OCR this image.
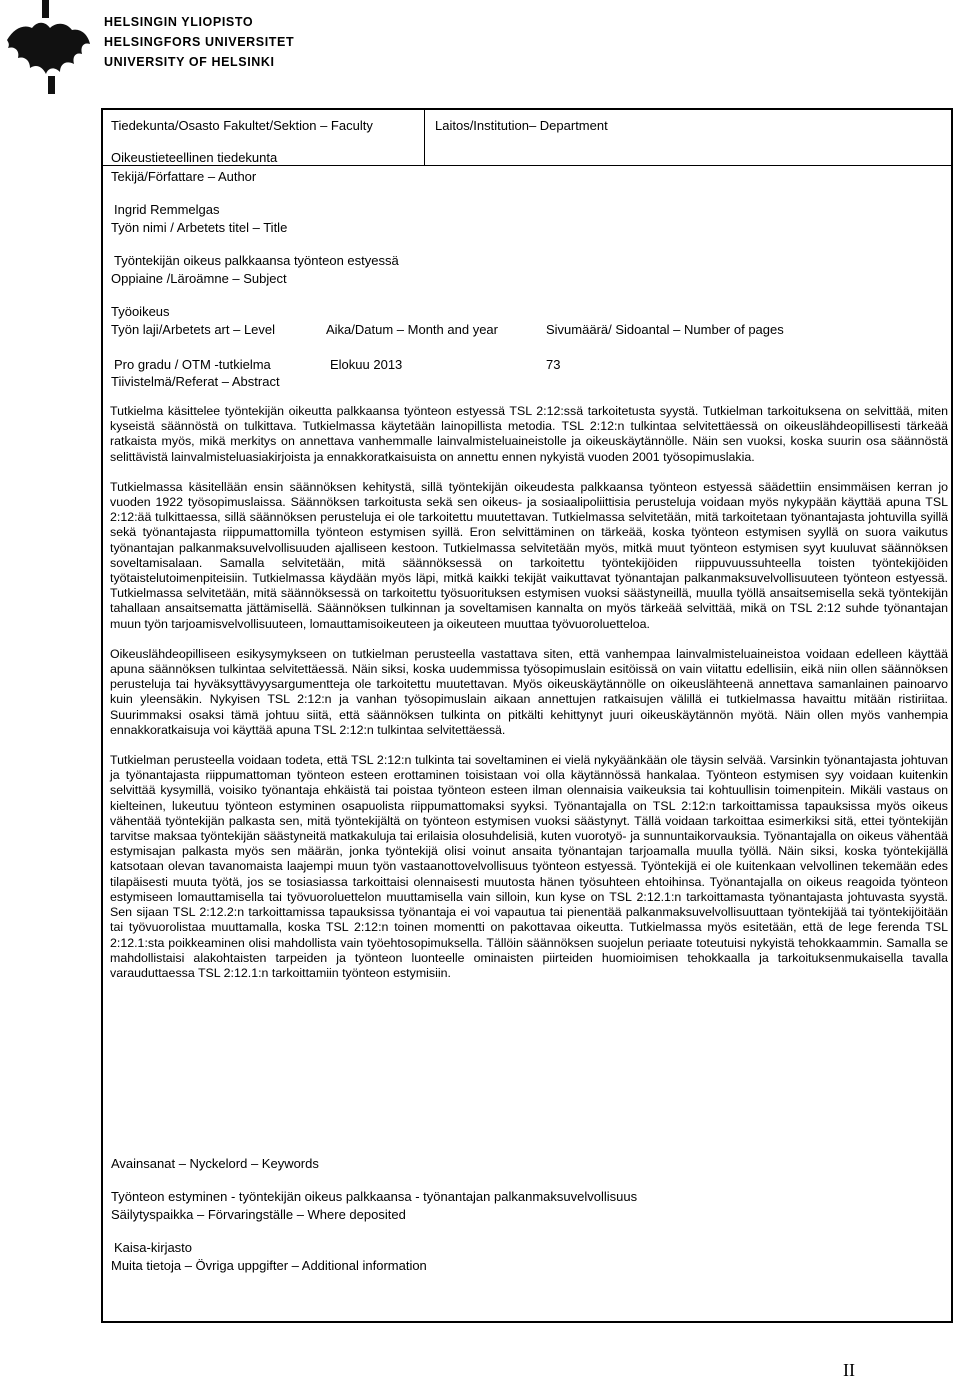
HELSINGIN YLIOPISTO
HELSINGFORS UNIVERSITET
UNIVERSITY OF HELSINKI
Tiedekunta/Osasto Fakultet/Sektion – Faculty	Laitos/Institution– Department
Oikeustieteellinen tiedekunta
Tekijä/Författare – Author
Ingrid Remmelgas
Työn nimi / Arbetets titel – Title
Työntekijän oikeus palkkaansa työnteon estyessä
Oppiaine /Läroämne – Subject
Työoikeus
Työn laji/Arbetets art – Level	Aika/Datum – Month and year	Sivumäärä/ Sidoantal – Number of pages
Pro gradu / OTM -tutkielma	Elokuu 2013	73
Tiivistelmä/Referat – Abstract

Tutkielma käsittelee työntekijän oikeutta palkkaansa työnteon estyessä TSL 2:12:ssä tarkoitetusta syystä. Tutkielman tarkoituksena on selvittää, miten kyseistä säännöstä on tulkittava. Tutkielmassa käytetään lainopillista metodia. TSL 2:12:n tulkintaa selvitettäessä on oikeuslähdeopillisesti tärkeää ratkaista myös, mikä merkitys on annettava vanhemmalle lainvalmisteluaineistolle ja oikeuskäytännölle. Näin sen vuoksi, koska suurin osa säännöstä selittävistä lainvalmisteluasiakirjoista ja ennakkoratkaisuista on annettu ennen nykyistä vuoden 2001 työsopimuslakia.

Tutkielmassa käsitellään ensin säännöksen kehitystä, sillä työntekijän oikeudesta palkkaansa työnteon estyessä säädettiin ensimmäisen kerran jo vuoden 1922 työsopimuslaissa. Säännöksen tarkoitusta sekä sen oikeus- ja sosiaalipoliittisia perusteluja voidaan myös nykypään käyttää apuna TSL 2:12:ää tulkittaessa, sillä säännöksen perusteluja ei ole tarkoitettu muutettavan. Tutkielmassa selvitetään, mitä tarkoitetaan työnantajasta johtuvilla syillä sekä työnantajasta riippumattomilla työnteon estymisen syillä. Eron selvittäminen on tärkeää, koska työnteon estymisen syyllä on suora vaikutus työnantajan palkanmaksuvelvollisuuden ajalliseen kestoon. Tutkielmassa selvitetään myös, mitkä muut työnteon estymisen syyt kuuluvat säännöksen soveltamisalaan. Samalla selvitetään, mitä säännöksessä on tarkoitettu työntekijöiden riippuvuussuhteella toisten työntekijöiden työtaistelutoimenpiteisiin. Tutkielmassa käydään myös läpi, mitkä kaikki tekijät vaikuttavat työnantajan palkanmaksuvelvollisuuteen työnteon estyessä. Tutkielmassa selvitetään, mitä säännöksessä on tarkoitettu työsuorituksen estymisen vuoksi säästyneillä, muulla työllä ansaitsemisella sekä työntekijän tahallaan ansaitsematta jättämisellä. Säännöksen tulkinnan ja soveltamisen kannalta on myös tärkeää selvittää, mikä on TSL 2:12 suhde työnantajan muun työn tarjoamisvelvollisuuteen, lomauttamisoikeuteen ja oikeuteen muuttaa työvuoroluetteloa.

Oikeuslähdeopilliseen esikysymykseen on tutkielman perusteella vastattava siten, että vanhempaa lainvalmisteluaineistoa voidaan edelleen käyttää apuna säännöksen tulkintaa selvitettäessä. Näin siksi, koska uudemmissa työsopimuslain esitöissä on vain viitattu edellisiin, eikä niin ollen säännöksen perusteluja tai hyväksyttävyysargumentteja ole tarkoitettu muutettavan. Myös oikeuskäytännölle on oikeuslähteenä annettava samanlainen painoarvo kuin yleensäkin. Nykyisen TSL 2:12:n ja vanhan työsopimuslain aikaan annettujen ratkaisujen välillä ei tutkielmassa havaittu mitään ristiriitaa. Suurimmaksi osaksi tämä johtuu siitä, että säännöksen tulkinta on pitkälti kehittynyt juuri oikeuskäytännön myötä. Näin ollen myös vanhempia ennakkoratkaisuja voi käyttää apuna TSL 2:12:n tulkintaa selvitettäessä.

Tutkielman perusteella voidaan todeta, että TSL 2:12:n tulkinta tai soveltaminen ei vielä nykyäänkään ole täysin selvää. Varsinkin työnantajasta johtuvan ja työnantajasta riippumattoman työnteon esteen erottaminen toisistaan voi olla käytännössä hankalaa. Työnteon estymisen syy voidaan kuitenkin selvittää kysymillä, voisiko työnantaja ehkäistä tai poistaa työnteon esteen ilman olennaisia vaikeuksia tai kohtuullisin toimenpitein. Mikäli vastaus on kielteinen, lukeutuu työnteon estyminen osapuolista riippumattomaksi syyksi. Työnantajalla on TSL 2:12:n tarkoittamissa tapauksissa myös oikeus vähentää työntekijän palkasta sen, mitä työntekijältä on työnteon estymisen vuoksi säästynyt. Tällä voidaan tarkoittaa esimerkiksi sitä, ettei työntekijän tarvitse maksaa työntekijän säästyneitä matkakuluja tai erilaisia olosuhdelisiä, kuten vuorotyö- ja sunnuntaikorvauksia. Työnantajalla on oikeus vähentää estymisajan palkasta myös sen määrän, jonka työntekijä olisi voinut ansaita työnantajan tarjoamalla muulla työllä. Näin siksi, koska työntekijällä katsotaan olevan tavanomaista laajempi muun työn vastaanottovelvollisuus työnteon estyessä. Työntekijä ei ole kuitenkaan velvollinen tekemään edes tilapäisesti muuta työtä, jos se tosiasiassa tarkoittaisi olennaisesti muutosta hänen työsuhteen ehtoihinsa. Työnantajalla on oikeus reagoida työnteon estymiseen lomauttamisella tai työvuoroluettelon muuttamisella vain silloin, kun kyse on TSL 2:12.1:n tarkoittamasta työnantajasta johtuvasta syystä. Sen sijaan TSL 2:12.2:n tarkoittamissa tapauksissa työnantaja ei voi vapautua tai pienentää palkanmaksuvelvollisuuttaan työntekijää tai työntekijöitään tai työvuorolistaa muuttamalla, koska TSL 2:12:n toinen momentti on pakottavaa oikeutta. Tutkielmassa myös esitetään, että de lege ferenda TSL 2:12.1:sta poikkeaminen olisi mahdollista vain työehtosopimuksella. Tällöin säännöksen suojelun periaate toteutuisi nykyistä tehokkaammin. Samalla se mahdollistaisi alakohtaisten tarpeiden ja työnteon luonteelle ominaisten piirteiden huomioimisen tehokkaalla ja tarkoituksenmukaisella tavalla varauduttaessa TSL 2:12.1:n tarkoittamiin työnteon estymisiin.

Avainsanat – Nyckelord – Keywords
Työnteon estyminen - työntekijän oikeus palkkaansa - työnantajan palkanmaksuvelvollisuus
Säilytyspaikka – Förvaringställe – Where deposited
Kaisa-kirjasto
Muita tietoja – Övriga uppgifter – Additional information
II
